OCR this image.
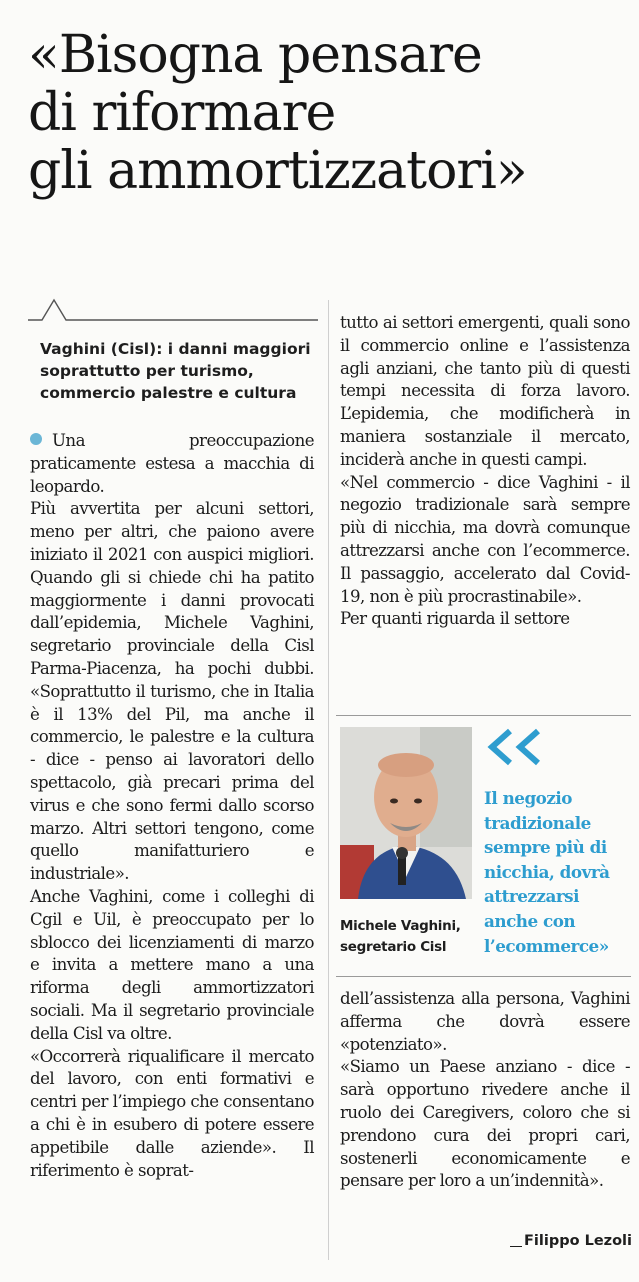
«Bisogna pensare
di riformare
gli ammortizzatori»
Vaghini (Cisl): i danni maggiori soprattutto per turismo, commercio palestre e cultura

Una preoccupazione praticamente estesa a macchia di leopardo.

Più avvertita per alcuni settori, meno per altri, che paiono avere iniziato il 2021 con auspici migliori. Quando gli si chiede chi ha patito maggiormente i danni provocati dall’epidemia, Michele Vaghini, segretario provinciale della Cisl Parma-Piacenza, ha pochi dubbi. «Soprattutto il turismo, che in Italia è il 13% del Pil, ma anche il commercio, le palestre e la cultura - dice - penso ai lavoratori dello spettacolo, già precari prima del virus e che sono fermi dallo scorso marzo. Altri settori tengono, come quello manifatturiero e industriale».

Anche Vaghini, come i colleghi di Cgil e Uil, è preoccupato per lo sblocco dei licenziamenti di marzo e invita a mettere mano a una riforma degli ammortizzatori sociali. Ma il segretario provinciale della Cisl va oltre.

«Occorrerà riqualificare il mercato del lavoro, con enti formativi e centri per l’impiego che consentano a chi è in esubero di potere essere appetibile dalle aziende». Il riferimento è soprat-

tutto ai settori emergenti, quali sono il commercio online e l’assistenza agli anziani, che tanto più di questi tempi necessita di forza lavoro. L’epidemia, che modificherà in maniera sostanziale il mercato, inciderà anche in questi campi.

«Nel commercio - dice Vaghini - il negozio tradizionale sarà sempre più di nicchia, ma dovrà comunque attrezzarsi anche con l’ecommerce. Il passaggio, accelerato dal Covid-19, non è più procrastinabile».

Per quanti riguarda il settore

Il negozio tradizionale sempre più di nicchia, dovrà attrezzarsi anche con l’ecommerce»
Michele Vaghini,
segretario Cisl

dell’assistenza alla persona, Vaghini afferma che dovrà essere «potenziato».

«Siamo un Paese anziano - dice - sarà opportuno rivedere anche il ruolo dei Caregivers, coloro che si prendono cura dei propri cari, sostenerli economicamente e pensare per loro a un’indennità».

Filippo Lezoli
